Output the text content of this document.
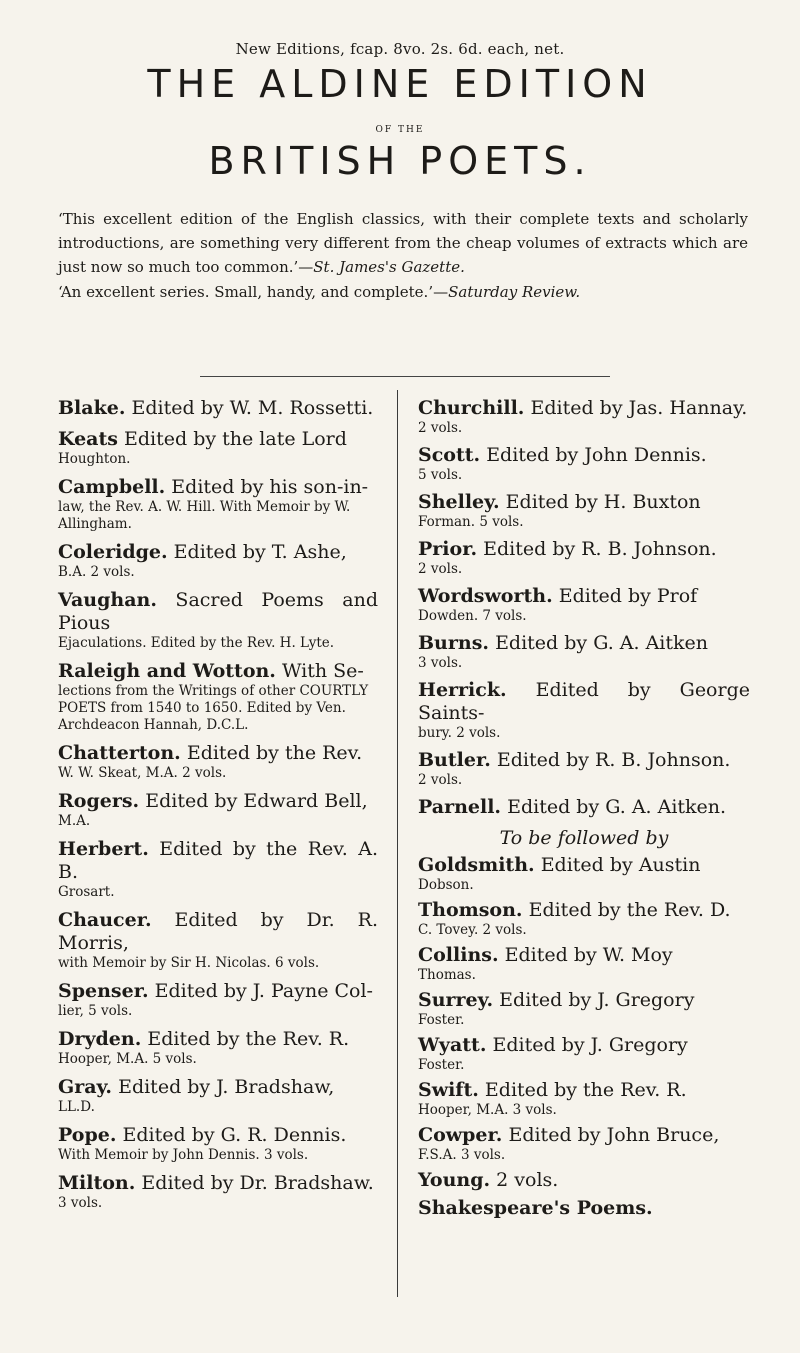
New Editions, fcap. 8vo. 2s. 6d. each, net.
THE ALDINE EDITION
OF THE
BRITISH POETS.
‘This excellent edition of the English classics, with their complete texts and scholarly introductions, are something very different from the cheap volumes of extracts which are just now so much too common.’—St. James's Gazette.
‘An excellent series. Small, handy, and complete.’—Saturday Review.
Blake. Edited by W. M. Rossetti.
Keats Edited by the late Lord
Houghton.
Campbell. Edited by his son-in-
law, the Rev. A. W. Hill. With Memoir by W. Allingham.
Coleridge. Edited by T. Ashe,
B.A. 2 vols.
Vaughan. Sacred Poems and Pious
Ejaculations. Edited by the Rev. H. Lyte.
Raleigh and Wotton. With Se-
lections from the Writings of other COURTLY POETS from 1540 to 1650. Edited by Ven. Archdeacon Hannah, D.C.L.
Chatterton. Edited by the Rev.
W. W. Skeat, M.A. 2 vols.
Rogers. Edited by Edward Bell,
M.A.
Herbert. Edited by the Rev. A. B.
Grosart.
Chaucer. Edited by Dr. R. Morris,
with Memoir by Sir H. Nicolas. 6 vols.
Spenser. Edited by J. Payne Col-
lier, 5 vols.
Dryden. Edited by the Rev. R.
Hooper, M.A. 5 vols.
Gray. Edited by J. Bradshaw,
LL.D.
Pope. Edited by G. R. Dennis.
With Memoir by John Dennis. 3 vols.
Milton. Edited by Dr. Bradshaw.
3 vols.
Churchill. Edited by Jas. Hannay.
2 vols.
Scott. Edited by John Dennis.
5 vols.
Shelley. Edited by H. Buxton
Forman. 5 vols.
Prior. Edited by R. B. Johnson.
2 vols.
Wordsworth. Edited by Prof
Dowden. 7 vols.
Burns. Edited by G. A. Aitken
3 vols.
Herrick. Edited by George Saints-
bury. 2 vols.
Butler. Edited by R. B. Johnson.
2 vols.
Parnell. Edited by G. A. Aitken.
To be followed by
Goldsmith. Edited by Austin
Dobson.
Thomson. Edited by the Rev. D.
C. Tovey. 2 vols.
Collins. Edited by W. Moy
Thomas.
Surrey. Edited by J. Gregory
Foster.
Wyatt. Edited by J. Gregory
Foster.
Swift. Edited by the Rev. R.
Hooper, M.A. 3 vols.
Cowper. Edited by John Bruce,
F.S.A. 3 vols.
Young. 2 vols.
Shakespeare's Poems.
